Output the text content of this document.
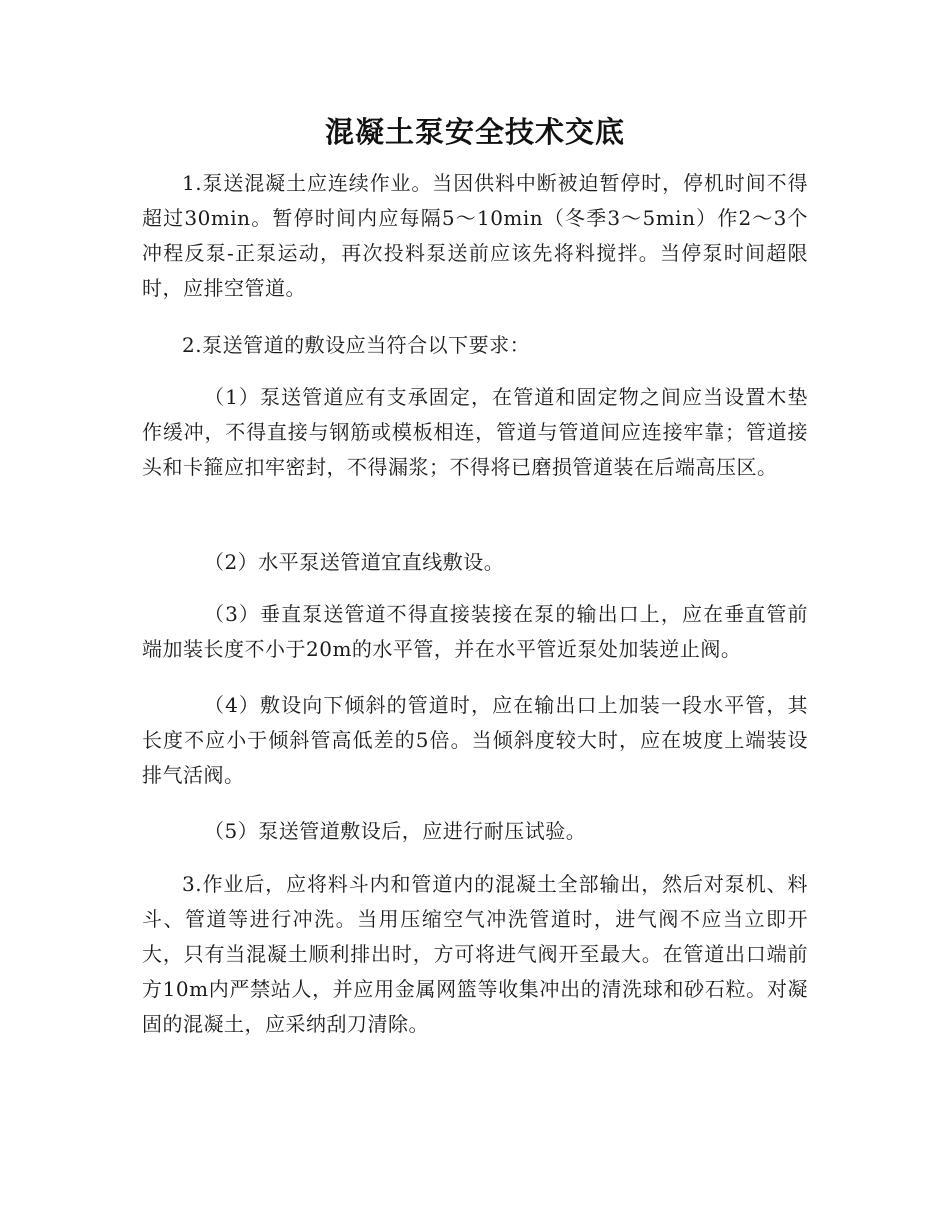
混凝土泵安全技术交底

1.泵送混凝土应连续作业。当因供料中断被迫暂停时，停机时间不得超过30min。暂停时间内应每隔5～10min（冬季3～5min）作2～3个冲程反泵-正泵运动，再次投料泵送前应该先将料搅拌。当停泵时间超限时，应排空管道。

2.泵送管道的敷设应当符合以下要求：

（1）泵送管道应有支承固定，在管道和固定物之间应当设置木垫作缓冲，不得直接与钢筋或模板相连，管道与管道间应连接牢靠；管道接头和卡箍应扣牢密封，不得漏浆；不得将已磨损管道装在后端高压区。

（2）水平泵送管道宜直线敷设。

（3）垂直泵送管道不得直接装接在泵的输出口上，应在垂直管前端加装长度不小于20m的水平管，并在水平管近泵处加装逆止阀。

（4）敷设向下倾斜的管道时，应在输出口上加装一段水平管，其长度不应小于倾斜管高低差的5倍。当倾斜度较大时，应在坡度上端装设排气活阀。

（5）泵送管道敷设后，应进行耐压试验。

3.作业后，应将料斗内和管道内的混凝土全部输出，然后对泵机、料斗、管道等进行冲洗。当用压缩空气冲洗管道时，进气阀不应当立即开大，只有当混凝土顺利排出时，方可将进气阀开至最大。在管道出口端前方10m内严禁站人，并应用金属网篮等收集冲出的清洗球和砂石粒。对凝固的混凝土，应采纳刮刀清除。
